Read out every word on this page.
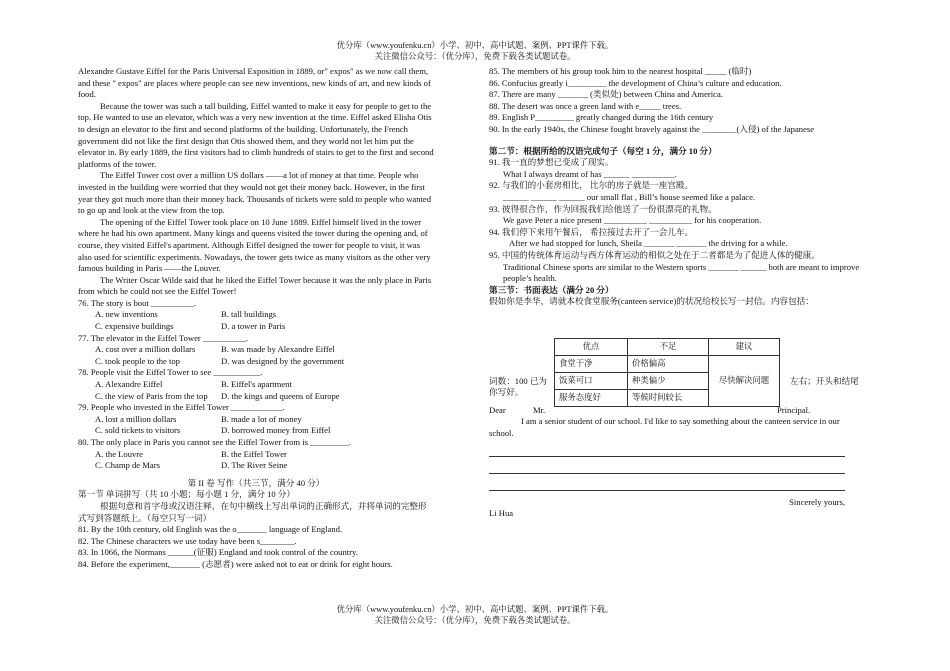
优分库（www.youfenku.cn）小学、初中、高中试题、案例、PPT课件下载。
关注微信公众号：（优分库），免费下载各类试题试卷。

Alexandre Gustave Eiffel for the Paris Universal Exposition in 1889, or" expos" as we now call them, and these " expos" are places where people can see new inventions, new kinds of art, and new kinds of food.

Because the tower was such a tall building, Eiffel wanted to make it easy for people to get to the top. He wanted to use an elevator, which was a very new invention at the time. Eiffel asked Elisha Otis to design an elevator to the first and second platforms of the building. Unfortunately, the French government did not like the first design that Otis showed them, and they world not let him put the elevator in. By early 1889, the first visitors had to climb hundreds of stairs to get to the first and second platforms of the tower.

The Eiffel Tower cost over a million US dollars ——a lot of money at that time. People who invested in the building were worried that they would not get their money back. However, in the first year they got much more than their money back. Thousands of tickets were sold to people who wanted to go up and look at the view from the top.

The opening of the Eiffel Tower took place on 10 June 1889. Eiffel himself lived in the tower where he had his own apartment. Many kings and queens visited the tower during the opening and, of course, they visited Eiffel's apartment. Although Eiffel designed the tower for people to visit, it was also used for scientific experiments. Nowadays, the tower gets twice as many visitors as the other very famous building in Paris ——the Louver.

The Writer Oscar Wilde said that he liked the Eiffel Tower because it was the only place in Paris from which he could not see the Eiffel Tower!

76. The story is bout __________.

A. new inventions	B. tall buildings
C. expensive buildings	D. a tower in Paris

77. The elevator in the Eiffel Tower __________.

A. cost over a million dollars	B. was made by Alexandre Eiffel
C. took people to the top	D. was designed by the government

78. People visit the Eiffel Tower to see ___________.

A. Alexandre Eiffel	B. Eiffel's apartment
C. the view of Paris from the top	D. the kings and queens of Europe

79. People who invested in the Eiffel Tower ____________.

A. lost a million dollars	B. made a lot of money
C. sold tickets to visitors	D. borrowed money from Eiffel

80. The only place in Paris you cannot see the Eiffel Tower from is _________.

A. the Louvre	B. the Eiffel Tower
C. Champ de Mars	D. The River Seine

第 II 卷 写作（共三节，满分 40 分）

第一节 单词拼写（共 10 小题；每小题 1 分，满分 10 分）

根据句意和首字母或汉语注释，在句中横线上写出单词的正确形式，并将单词的完整形式写到答题纸上。（每空只写一词）

81. By the 10th century, old English was the o_______ language of England.

82. The Chinese characters we use today have been s________.

83. In 1066, the Normans ______(征服) England and took control of the country.

84. Before the experiment,_______ (志愿者) were asked not to eat or drink for eight hours.

85. The members of his group took him to the nearest hospital _____ (临时)

86. Confucius greatly i_________ the development of China’s culture and education.

87. There are many _______ (类似处) between China and America.

88. The desert was once a green land with e_____ trees.

89. English P_________ greatly changed during the 16th century

90. In the early 1940s, the Chinese fought bravely against the ________(入侵) of the Japanese

第二节：根据所给的汉语完成句子（每空 1 分，满分 10 分）

91. 我一直的梦想已变成了现实。

What I always dreamt of has ______ __________.

92. 与我们的小套房相比， 比尔的房子就是一座宫殿。

______ ______ ______ our small flat , Bill’s house seemed like a palace.

93. 彼得很合作，作为回报我们给他送了一份很漂亮的礼物。

We gave Peter a nice present __________ __________ for his cooperation.

94. 我们停下来用午餐后， 希拉接过去开了一会儿车。

After we had stopped for lunch, Sheila _______ _______ the driving for a while.

95. 中国的传统体育运动与西方体育运动的相似之处在于二者都是为了促进人体的健康。

Traditional Chinese sports are similar to the Western sports _______ ______ both are meant to improve people’s health.

第三节：书面表达（满分 20 分）

假如你是李华，请就本校食堂服务(canteen service)的状况给校长写一封信。内容包括：

词数：100 已为你写好。
优点	不足	建议
食堂干净	价格偏高	尽快解决问题
饭菜可口	种类偏少	
服务态度好	等候时间较长	
左右；开头和结尾
Dear	Mr.	Principal.

I am a senior student of our school. I'd like to say something about the canteen service in our school.

Sincerely yours,

Li Hua

优分库（www.youfenku.cn）小学、初中、高中试题、案例、PPT课件下载。
关注微信公众号：（优分库），免费下载各类试题试卷。
